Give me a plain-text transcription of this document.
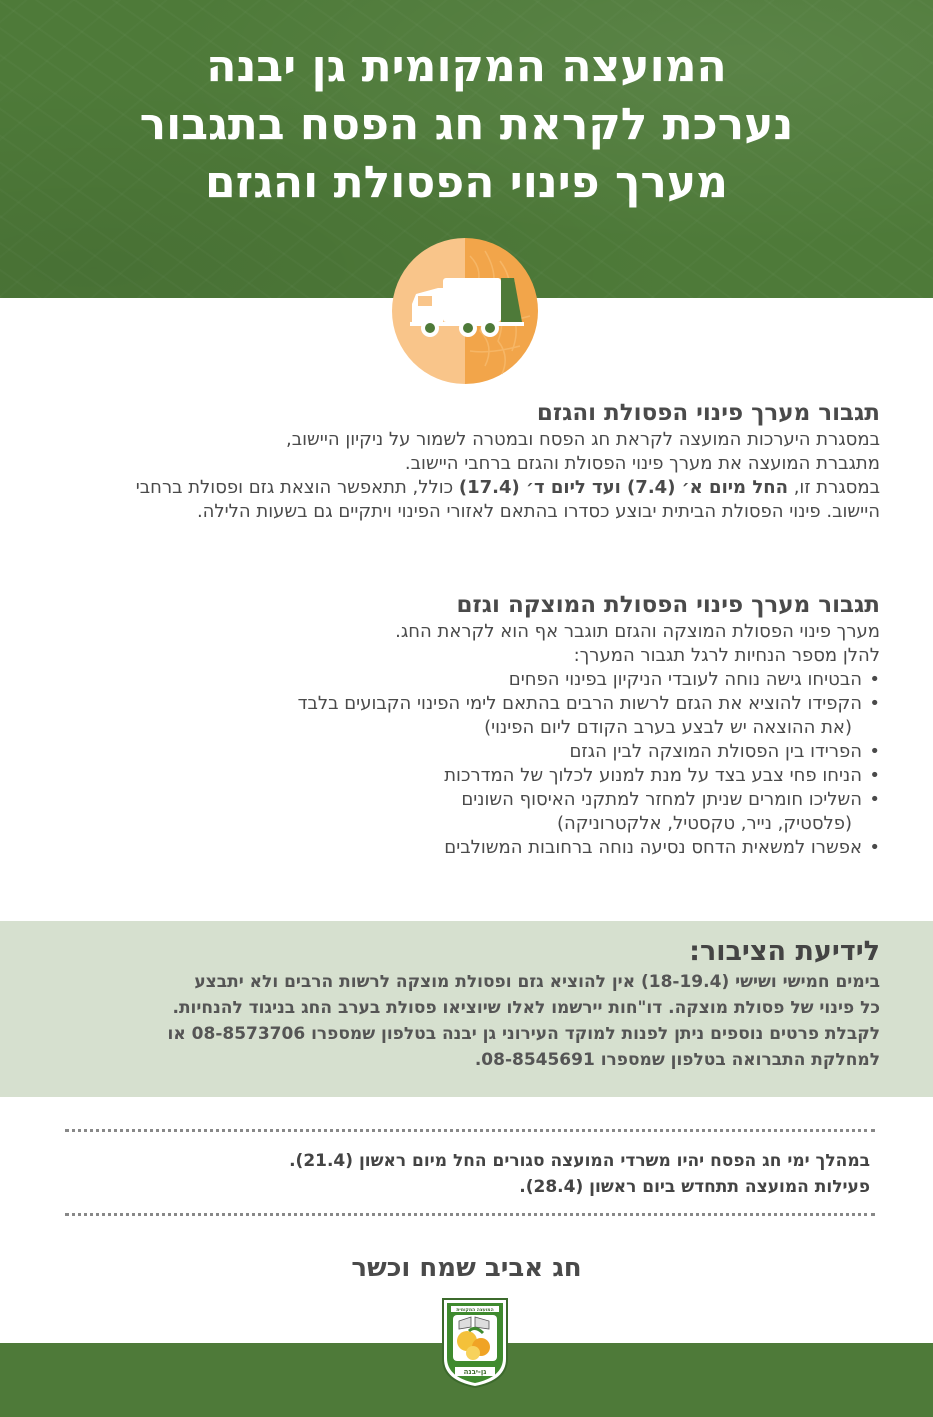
המועצה המקומית גן יבנה
נערכת לקראת חג הפסח בתגבור
מערך פינוי הפסולת והגזם
תגבור מערך פינוי הפסולת והגזם

במסגרת היערכות המועצה לקראת חג הפסח ובמטרה לשמור על ניקיון היישוב,

מתגברת המועצה את מערך פינוי הפסולת והגזם ברחבי היישוב.

במסגרת זו, החל מיום א׳ (7.4) ועד ליום ד׳ (17.4) כולל, תתאפשר הוצאת גזם ופסולת ברחבי היישוב. פינוי הפסולת הביתית יבוצע כסדרו בהתאם לאזורי הפינוי ויתקיים גם בשעות הלילה.

תגבור מערך פינוי הפסולת המוצקה וגזם

מערך פינוי הפסולת המוצקה והגזם תוגבר אף הוא לקראת החג.

להלן מספר הנחיות לרגל תגבור המערך:

• הבטיחו גישה נוחה לעובדי הניקיון בפינוי הפחים
• הקפידו להוציא את הגזם לרשות הרבים בהתאם לימי הפינוי הקבועים בלבד
(את ההוצאה יש לבצע בערב הקודם ליום הפינוי)
• הפרידו בין הפסולת המוצקה לבין הגזם
• הניחו פחי צבע בצד על מנת למנוע לכלוך של המדרכות
• השליכו חומרים שניתן למחזר למתקני האיסוף השונים
(פלסטיק, נייר, טקסטיל, אלקטרוניקה)
• אפשרו למשאית הדחס נסיעה נוחה ברחובות המשולבים
לידיעת הציבור:

בימים חמישי ושישי (18-19.4) אין להוציא גזם ופסולת מוצקה לרשות הרבים ולא יתבצע

כל פינוי של פסולת מוצקה. דו"חות יירשמו לאלו שיוציאו פסולת בערב החג בניגוד להנחיות.

לקבלת פרטים נוספים ניתן לפנות למוקד העירוני גן יבנה בטלפון שמספרו 08-8573706 או

למחלקת התברואה בטלפון שמספרו 08-8545691.

במהלך ימי חג הפסח יהיו משרדי המועצה סגורים החל מיום ראשון (21.4).

פעילות המועצה תתחדש ביום ראשון (28.4).

חג אביב שמח וכשר

המועצה המקומית
גן-יבנה
